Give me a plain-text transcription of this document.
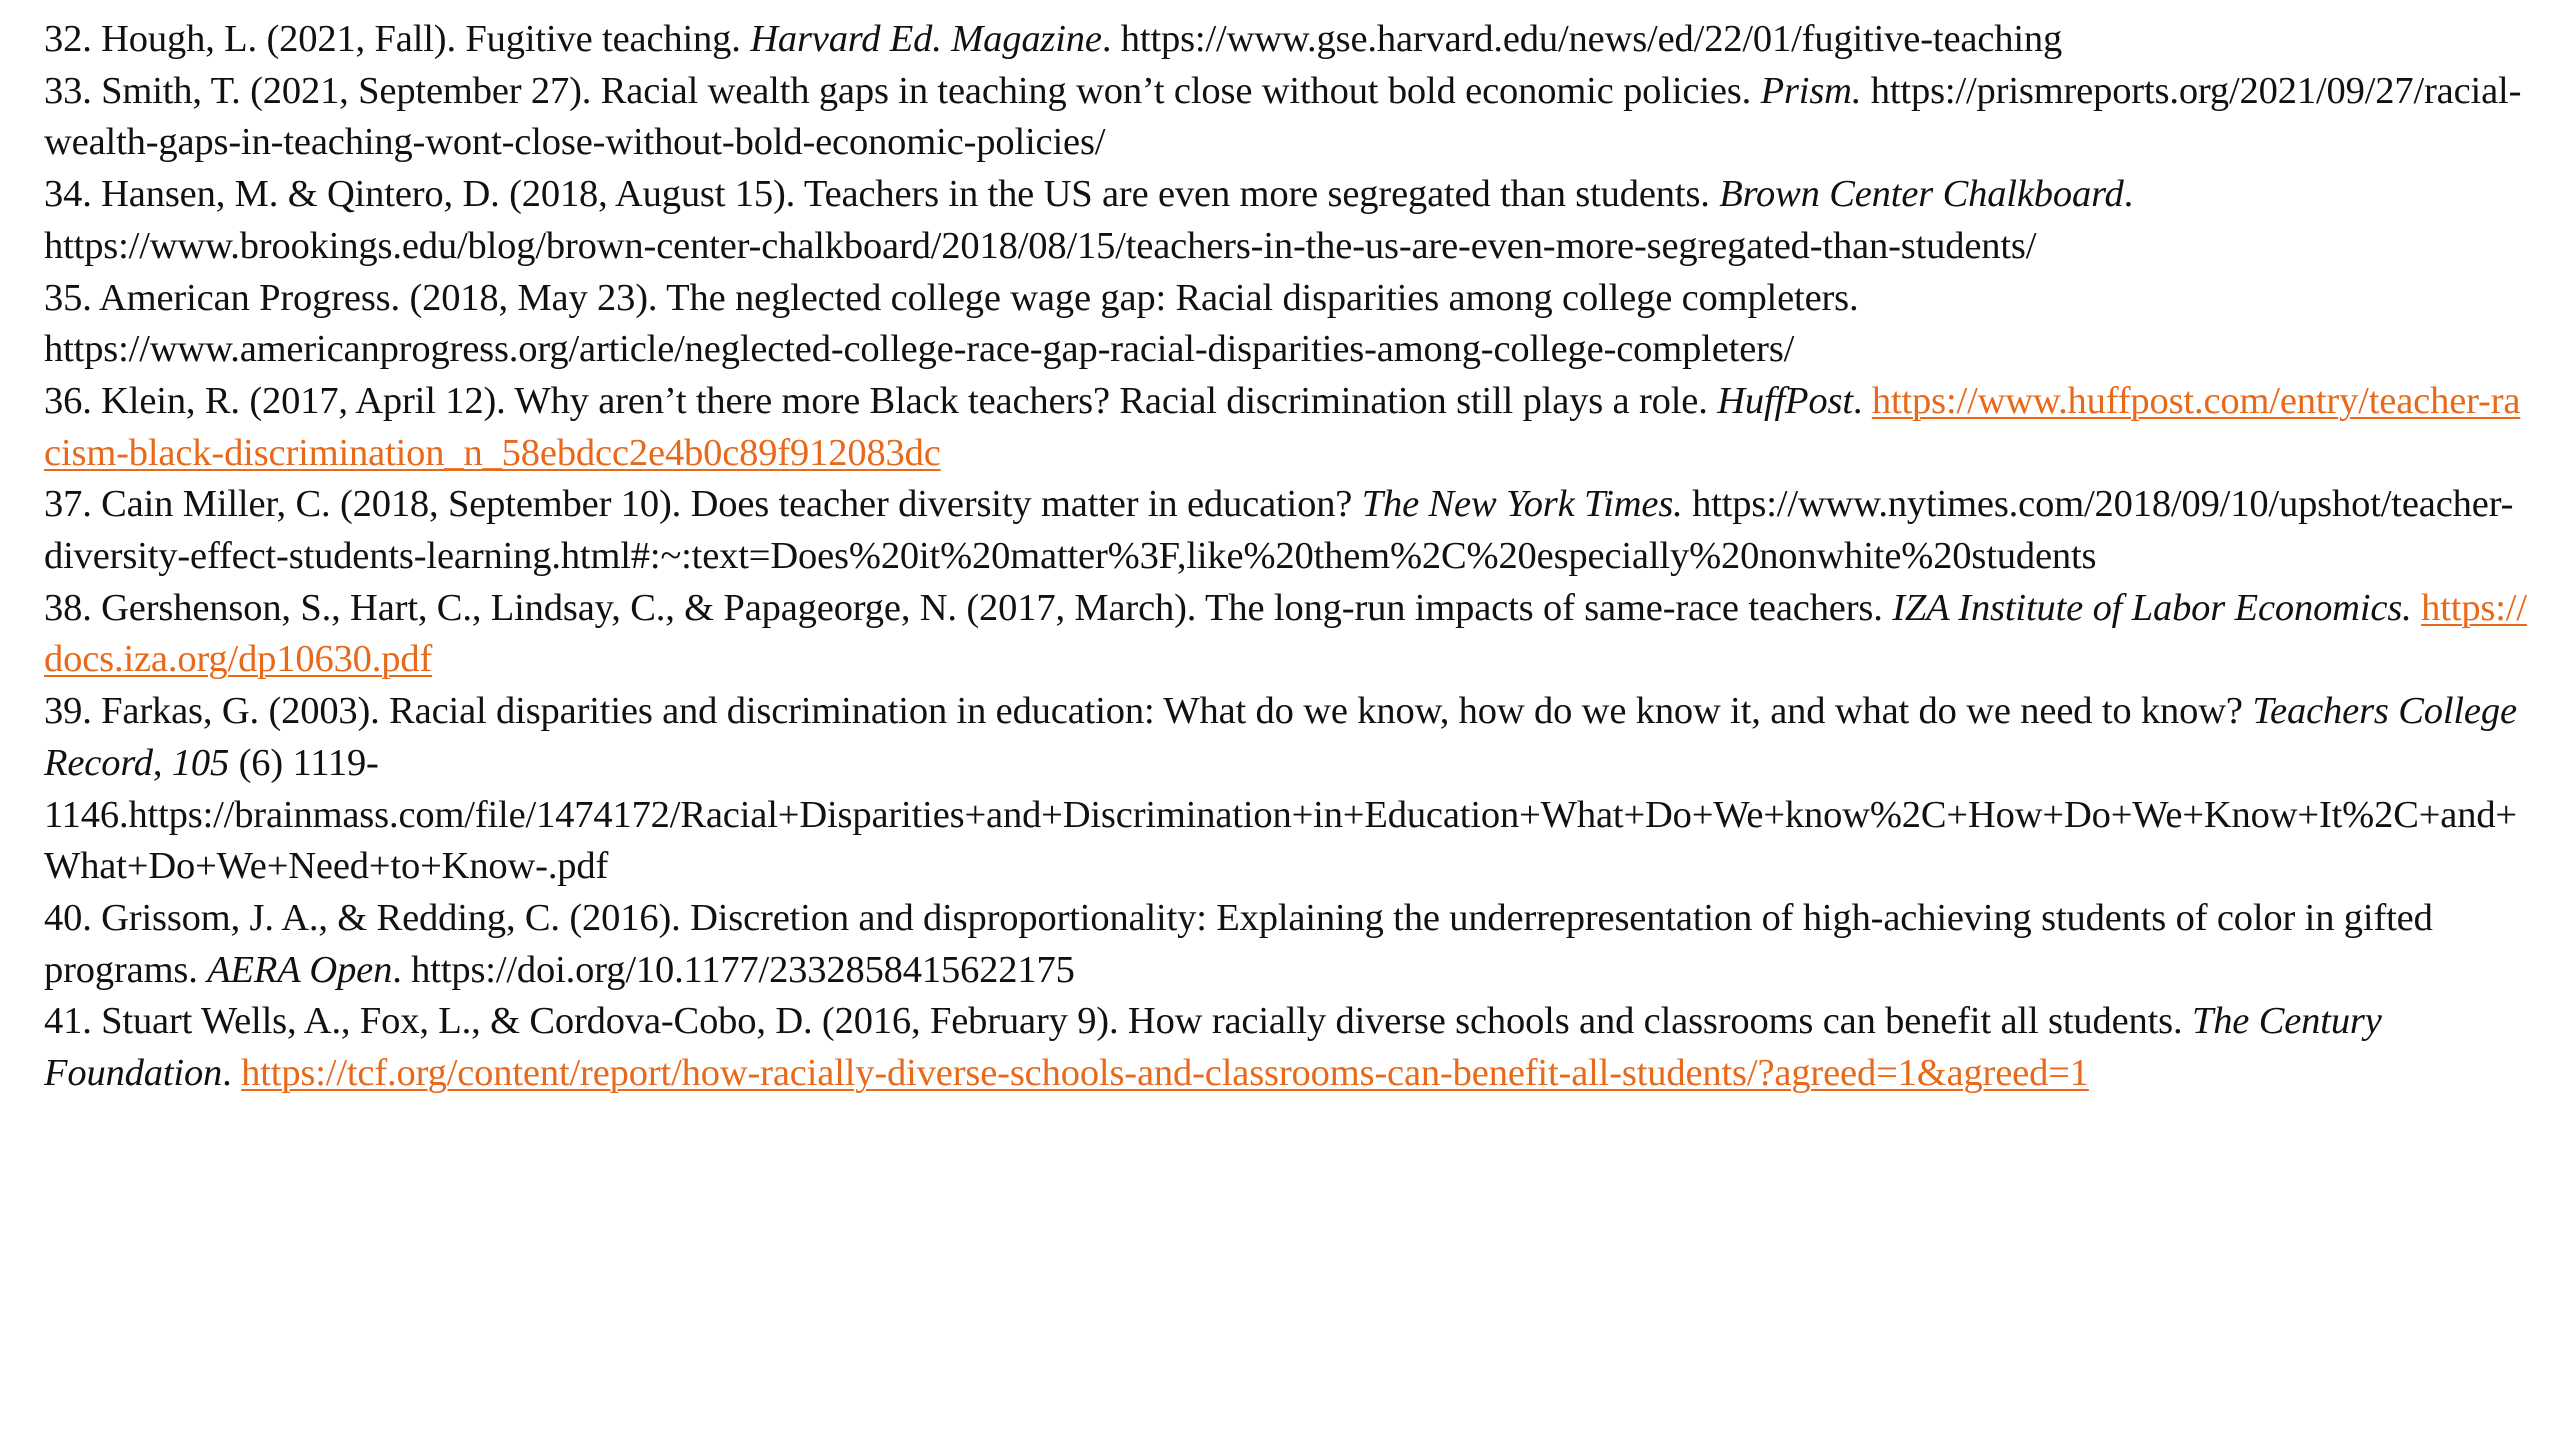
32. Hough, L. (2021, Fall). Fugitive teaching. Harvard Ed. Magazine. https://www.gse.harvard.edu/news/ed/22/01/fugitive-teaching

33. Smith, T. (2021, September 27). Racial wealth gaps in teaching won’t close without bold economic policies. Prism. https://prismreports.org/2021/09/27/racial-wealth-gaps-in-teaching-wont-close-without-bold-economic-policies/

34. Hansen, M. & Qintero, D. (2018, August 15). Teachers in the US are even more segregated than students. Brown Center Chalkboard. https://www.brookings.edu/blog/brown-center-chalkboard/2018/08/15/teachers-in-the-us-are-even-more-segregated-than-students/

35. American Progress. (2018, May 23). The neglected college wage gap: Racial disparities among college completers. https://www.americanprogress.org/article/neglected-college-race-gap-racial-disparities-among-college-completers/

36. Klein, R. (2017, April 12). Why aren’t there more Black teachers? Racial discrimination still plays a role. HuffPost. https://www.huffpost.com/entry/teacher-racism-black-discrimination_n_58ebdcc2e4b0c89f912083dc

37. Cain Miller, C. (2018, September 10). Does teacher diversity matter in education? The New York Times. https://www.nytimes.com/2018/09/10/upshot/teacher-diversity-effect-students-learning.html#:~:text=Does%20it%20matter%3F,like%20them%2C%20especially%20nonwhite%20students

38. Gershenson, S., Hart, C., Lindsay, C., & Papageorge, N. (2017, March). The long-run impacts of same-race teachers. IZA Institute of Labor Economics. https://docs.iza.org/dp10630.pdf

39. Farkas, G. (2003). Racial disparities and discrimination in education: What do we know, how do we know it, and what do we need to know? Teachers College Record, 105 (6) 1119-1146.https://brainmass.com/file/1474172/Racial+Disparities+and+Discrimination+in+Education+What+Do+We+know%2C+How+Do+We+Know+It%2C+and+What+Do+We+Need+to+Know-.pdf

40. Grissom, J. A., & Redding, C. (2016). Discretion and disproportionality: Explaining the underrepresentation of high-achieving students of color in gifted programs. AERA Open. https://doi.org/10.1177/2332858415622175

41. Stuart Wells, A., Fox, L., & Cordova-Cobo, D. (2016, February 9). How racially diverse schools and classrooms can benefit all students. The Century Foundation. https://tcf.org/content/report/how-racially-diverse-schools-and-classrooms-can-benefit-all-students/?agreed=1&agreed=1
